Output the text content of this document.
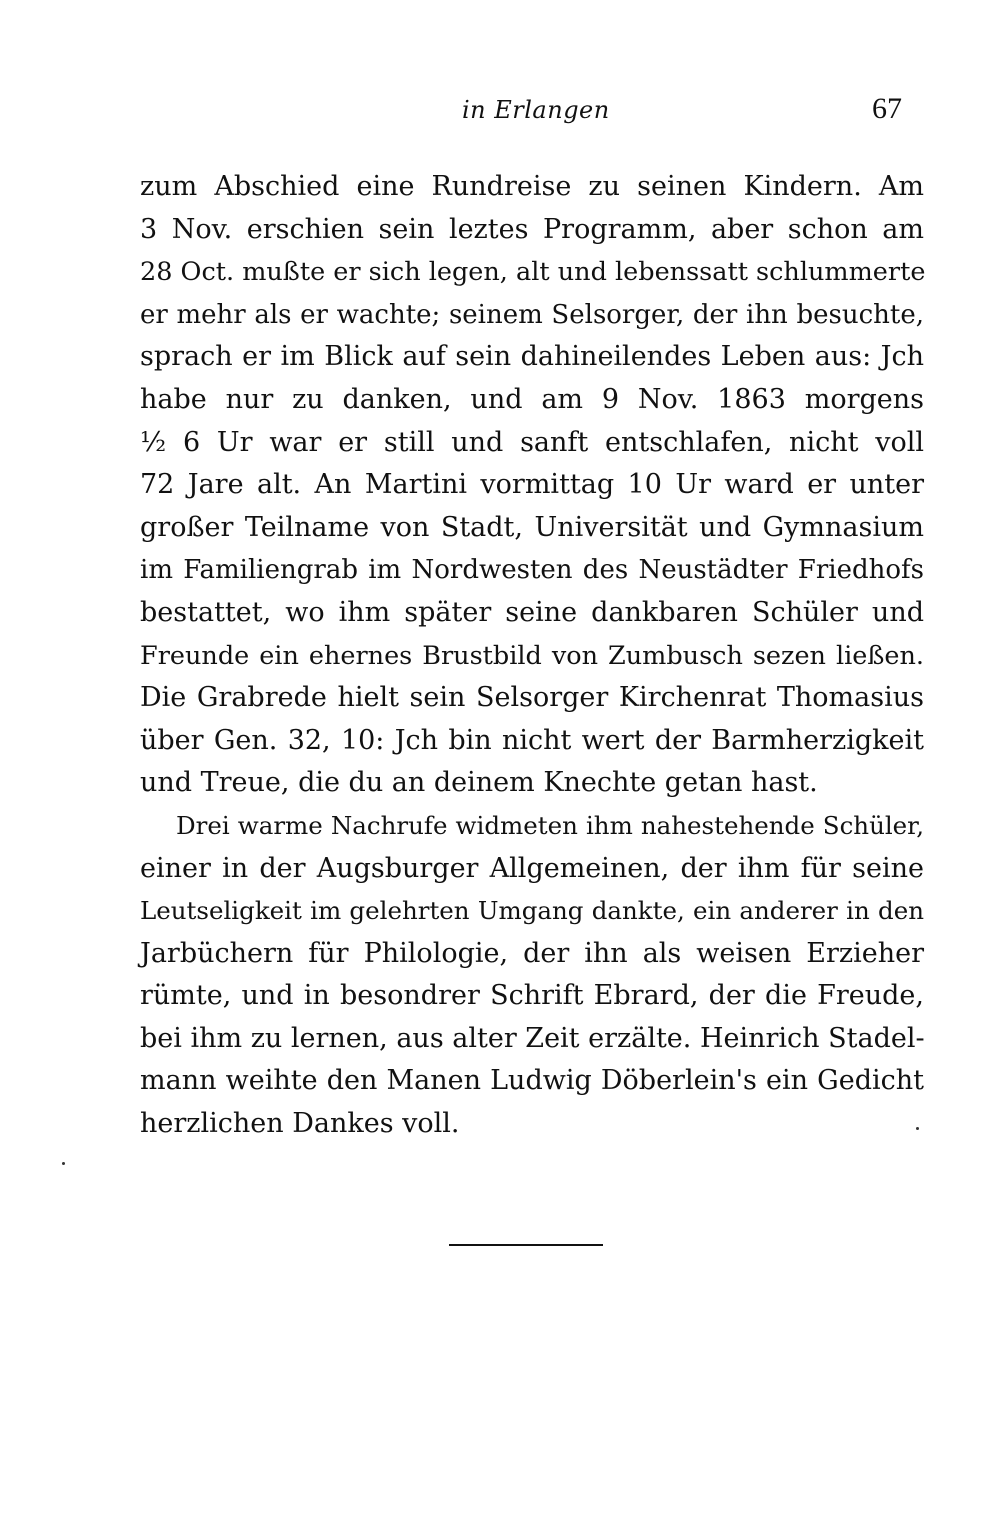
in Erlangen	67
zum Abschied eine Rundreise zu seinen Kindern. Am
3 Nov. erschien sein leztes Programm, aber schon am
28 Oct. mußte er sich legen, alt und lebenssatt schlummerte
er mehr als er wachte; seinem Selsorger, der ihn besuchte,
sprach er im Blick auf sein dahineilendes Leben aus: Jch
habe nur zu danken, und am 9 Nov. 1863 morgens
½ 6 Ur war er still und sanft entschlafen, nicht voll
72 Jare alt. An Martini vormittag 10 Ur ward er unter
großer Teilname von Stadt, Universität und Gymnasium
im Familiengrab im Nordwesten des Neustädter Friedhofs
bestattet, wo ihm später seine dankbaren Schüler und
Freunde ein ehernes Brustbild von Zumbusch sezen ließen.
Die Grabrede hielt sein Selsorger Kirchenrat Thomasius
über Gen. 32, 10: Jch bin nicht wert der Barmherzigkeit
und Treue, die du an deinem Knechte getan hast.
Drei warme Nachrufe widmeten ihm nahestehende Schüler,
einer in der Augsburger Allgemeinen, der ihm für seine
Leutseligkeit im gelehrten Umgang dankte, ein anderer in den
Jarbüchern für Philologie, der ihn als weisen Erzieher
rümte, und in besondrer Schrift Ebrard, der die Freude,
bei ihm zu lernen, aus alter Zeit erzälte. Heinrich Stadel-
mann weihte den Manen Ludwig Döberlein's ein Gedicht
herzlichen Dankes voll.
